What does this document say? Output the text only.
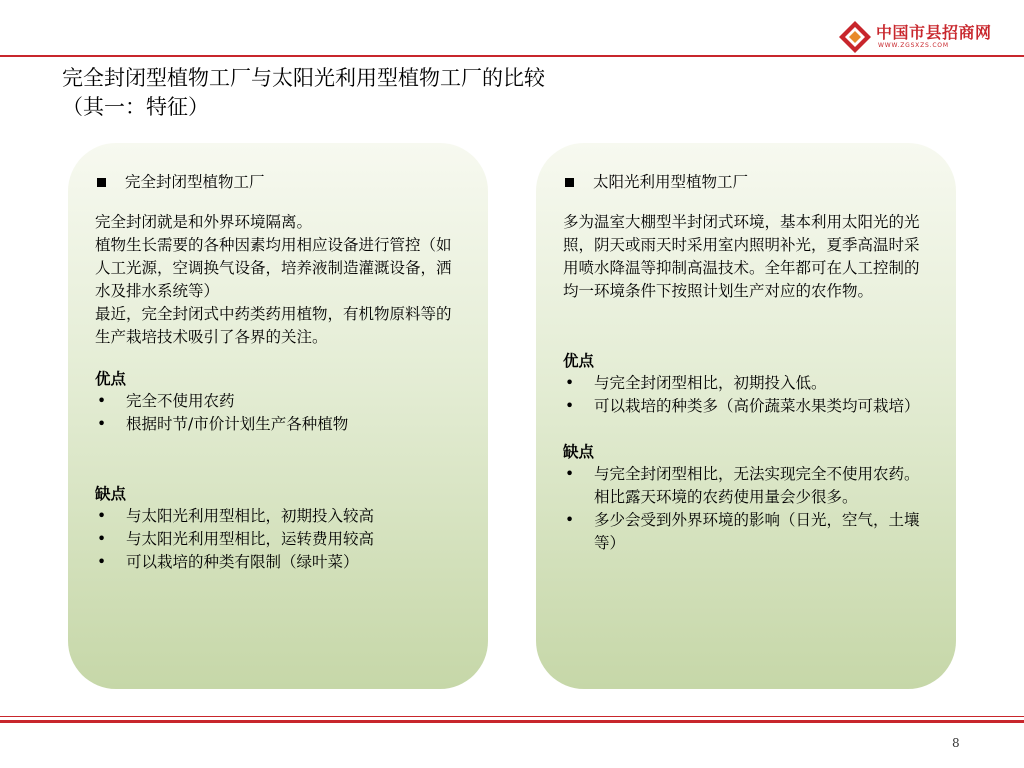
中国市县招商网
WWW.ZGSXZS.COM
完全封闭型植物工厂与太阳光利用型植物工厂的比较
（其一：特征）
完全封闭型植物工厂

完全封闭就是和外界环境隔离。

植物生长需要的各种因素均用相应设备进行管控（如人工光源，空调换气设备，培养液制造灌溉设备，洒水及排水系统等）

最近，完全封闭式中药类药用植物，有机物原料等的生产栽培技术吸引了各界的关注。

优点
• 完全不使用农药
• 根据时节/市价计划生产各种植物
缺点
• 与太阳光利用型相比，初期投入较高
• 与太阳光利用型相比，运转费用较高
• 可以栽培的种类有限制（绿叶菜）
太阳光利用型植物工厂

多为温室大棚型半封闭式环境，基本利用太阳光的光照，阴天或雨天时采用室内照明补光，夏季高温时采用喷水降温等抑制高温技术。全年都可在人工控制的均一环境条件下按照计划生产对应的农作物。

优点
• 与完全封闭型相比，初期投入低。
• 可以栽培的种类多（高价蔬菜水果类均可栽培）
缺点
• 与完全封闭型相比，无法实现完全不使用农药。相比露天环境的农药使用量会少很多。
• 多少会受到外界环境的影响（日光，空气，土壤等）
8
